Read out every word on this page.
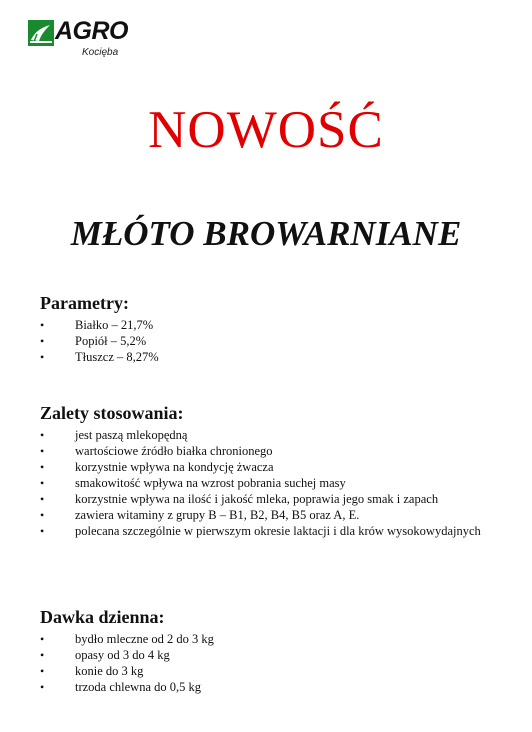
AGRO
Kocięba
NOWOŚĆ
MŁÓTO BROWARNIANE
Parametry:
• Białko – 21,7%
• Popiół – 5,2%
• Tłuszcz – 8,27%
Zalety stosowania:
• jest paszą mlekopędną
• wartościowe źródło białka chronionego
• korzystnie wpływa na kondycję żwacza
• smakowitość wpływa na wzrost pobrania suchej masy
• korzystnie wpływa na ilość i jakość mleka, poprawia jego smak i zapach
• zawiera witaminy z grupy B – B1, B2, B4, B5 oraz A, E.
• polecana szczególnie w pierwszym okresie laktacji i dla krów wysokowydajnych
Dawka dzienna:
• bydło mleczne od 2 do 3 kg
• opasy od 3 do 4 kg
• konie do 3 kg
• trzoda chlewna do 0,5 kg
